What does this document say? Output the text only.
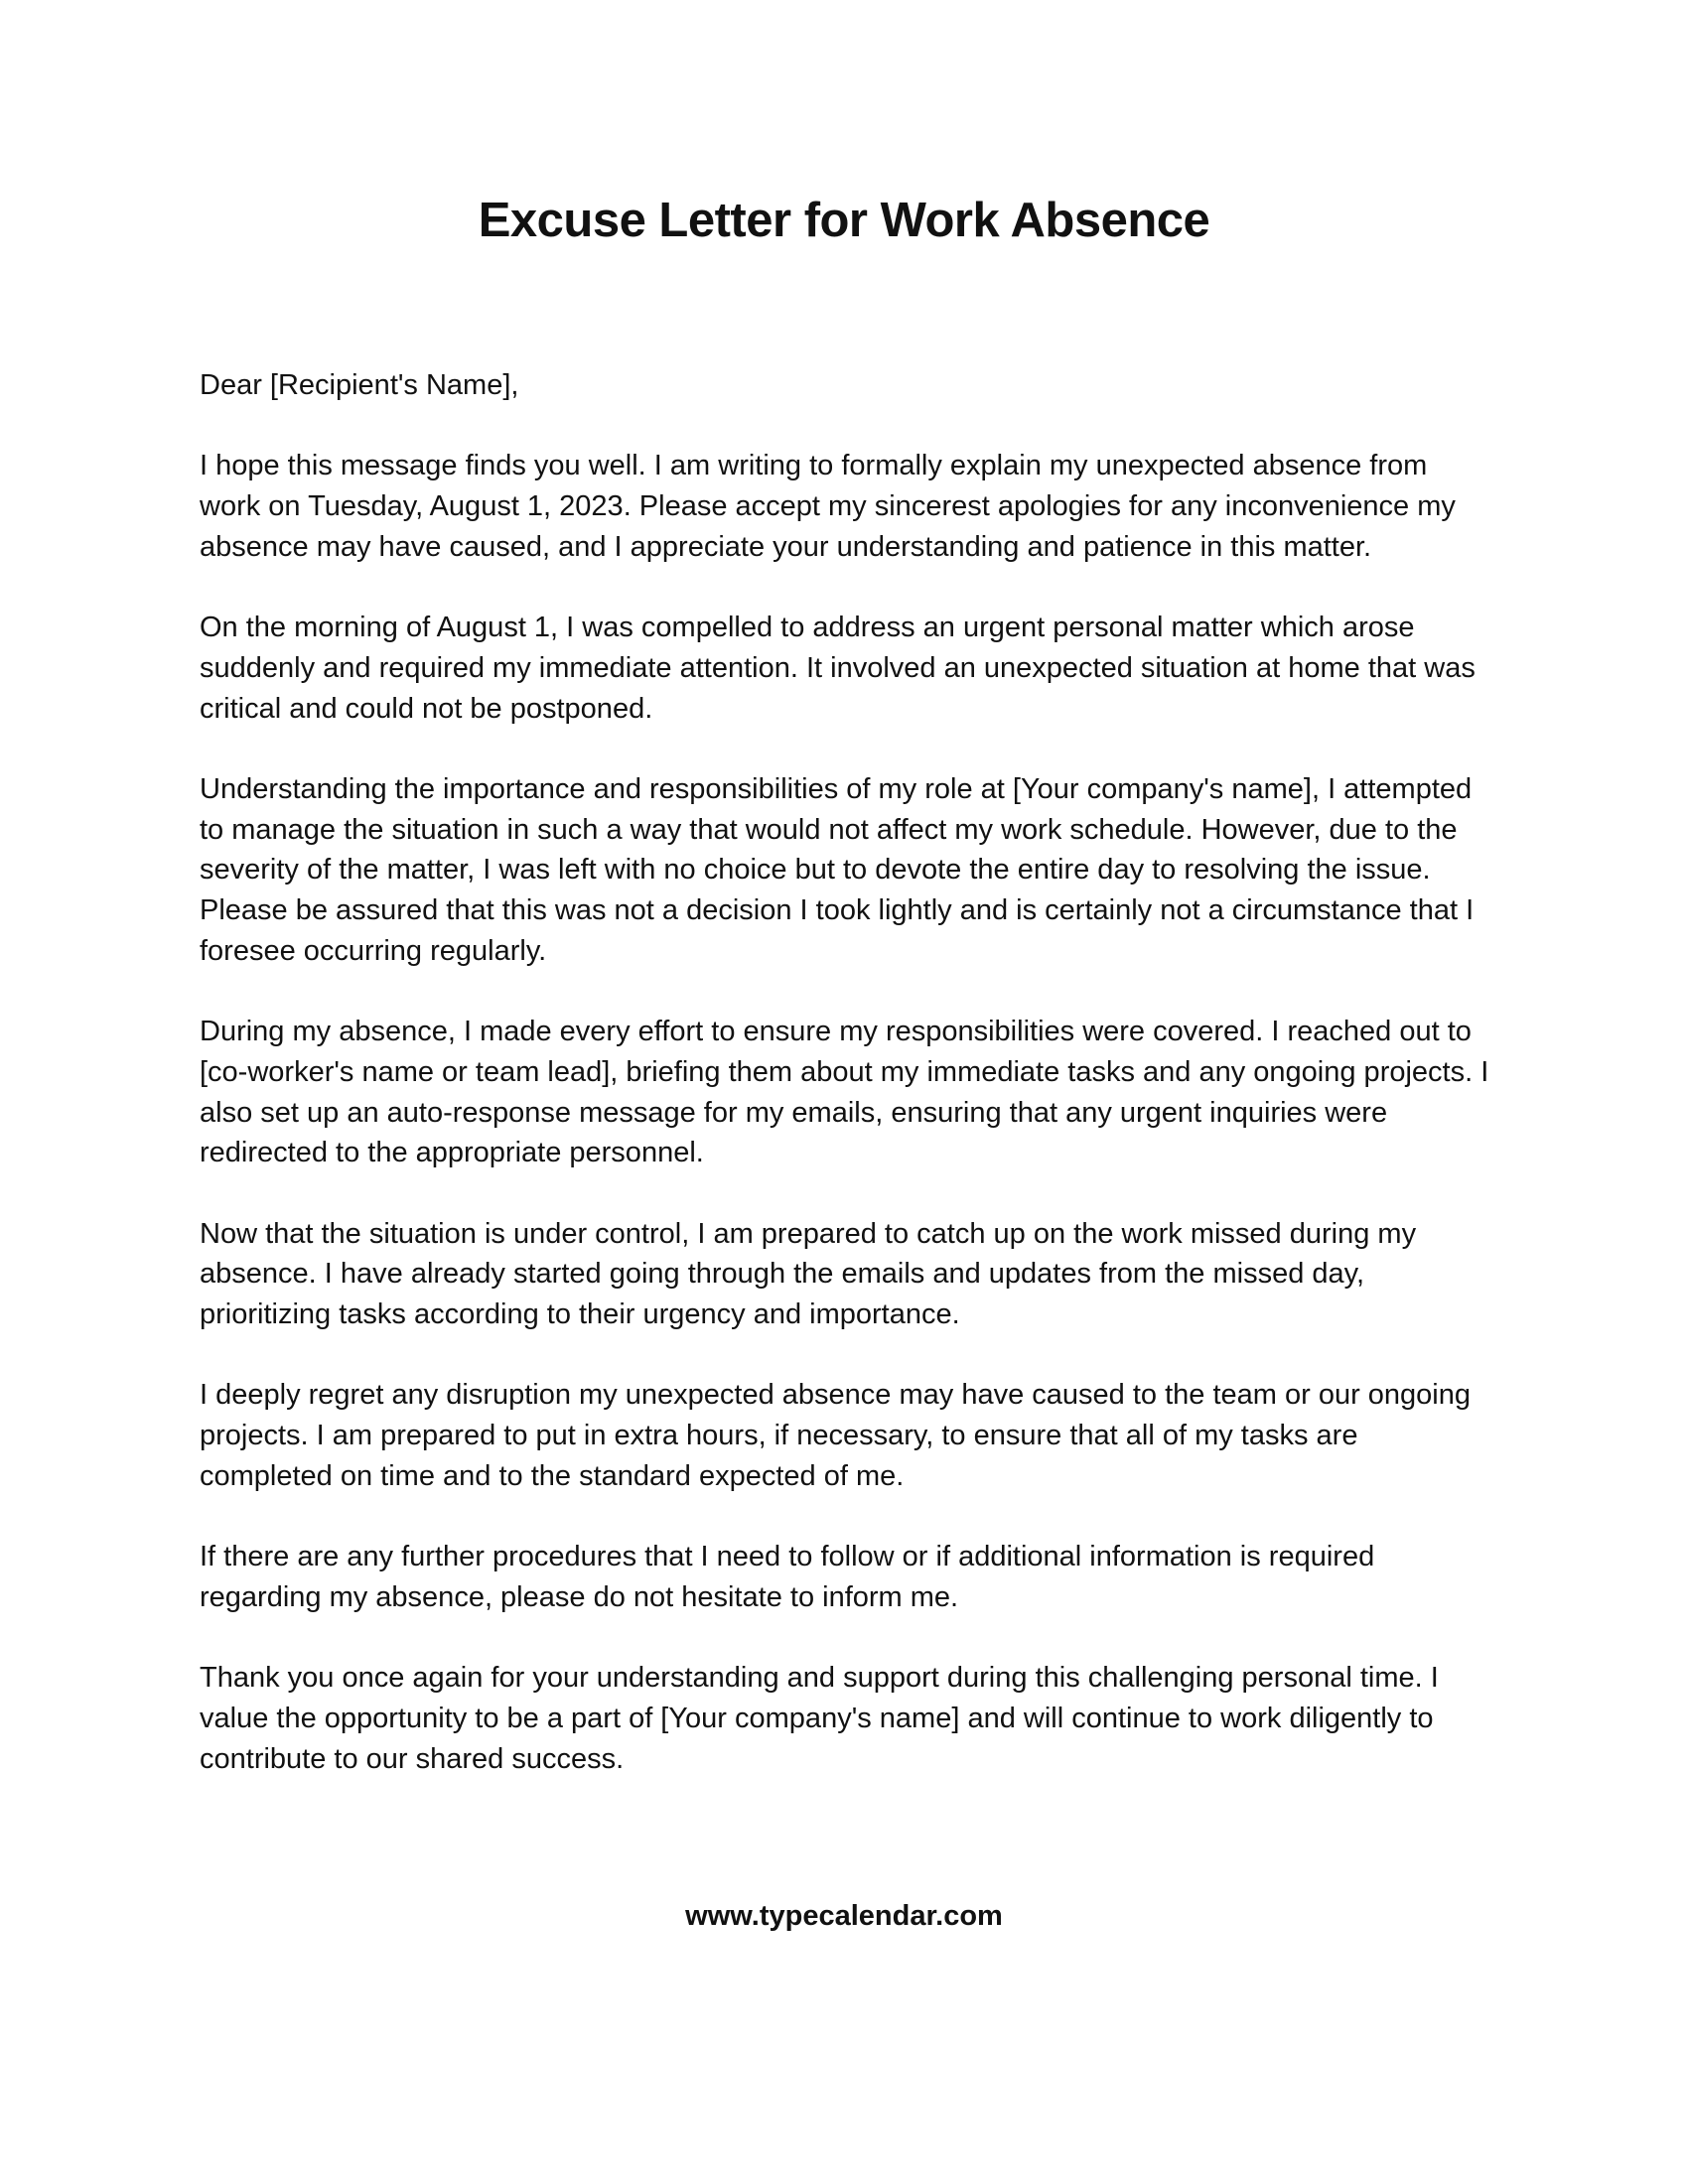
Excuse Letter for Work Absence

Dear [Recipient's Name],

I hope this message finds you well. I am writing to formally explain my unexpected absence from work on Tuesday, August 1, 2023. Please accept my sincerest apologies for any inconvenience my absence may have caused, and I appreciate your understanding and patience in this matter.

On the morning of August 1, I was compelled to address an urgent personal matter which arose suddenly and required my immediate attention. It involved an unexpected situation at home that was critical and could not be postponed.

Understanding the importance and responsibilities of my role at [Your company's name], I attempted to manage the situation in such a way that would not affect my work schedule. However, due to the severity of the matter, I was left with no choice but to devote the entire day to resolving the issue. Please be assured that this was not a decision I took lightly and is certainly not a circumstance that I foresee occurring regularly.

During my absence, I made every effort to ensure my responsibilities were covered. I reached out to [co-worker's name or team lead], briefing them about my immediate tasks and any ongoing projects. I also set up an auto-response message for my emails, ensuring that any urgent inquiries were redirected to the appropriate personnel.

Now that the situation is under control, I am prepared to catch up on the work missed during my absence. I have already started going through the emails and updates from the missed day, prioritizing tasks according to their urgency and importance.

I deeply regret any disruption my unexpected absence may have caused to the team or our ongoing projects. I am prepared to put in extra hours, if necessary, to ensure that all of my tasks are completed on time and to the standard expected of me.

If there are any further procedures that I need to follow or if additional information is required regarding my absence, please do not hesitate to inform me.

Thank you once again for your understanding and support during this challenging personal time. I value the opportunity to be a part of [Your company's name] and will continue to work diligently to contribute to our shared success.

www.typecalendar.com
